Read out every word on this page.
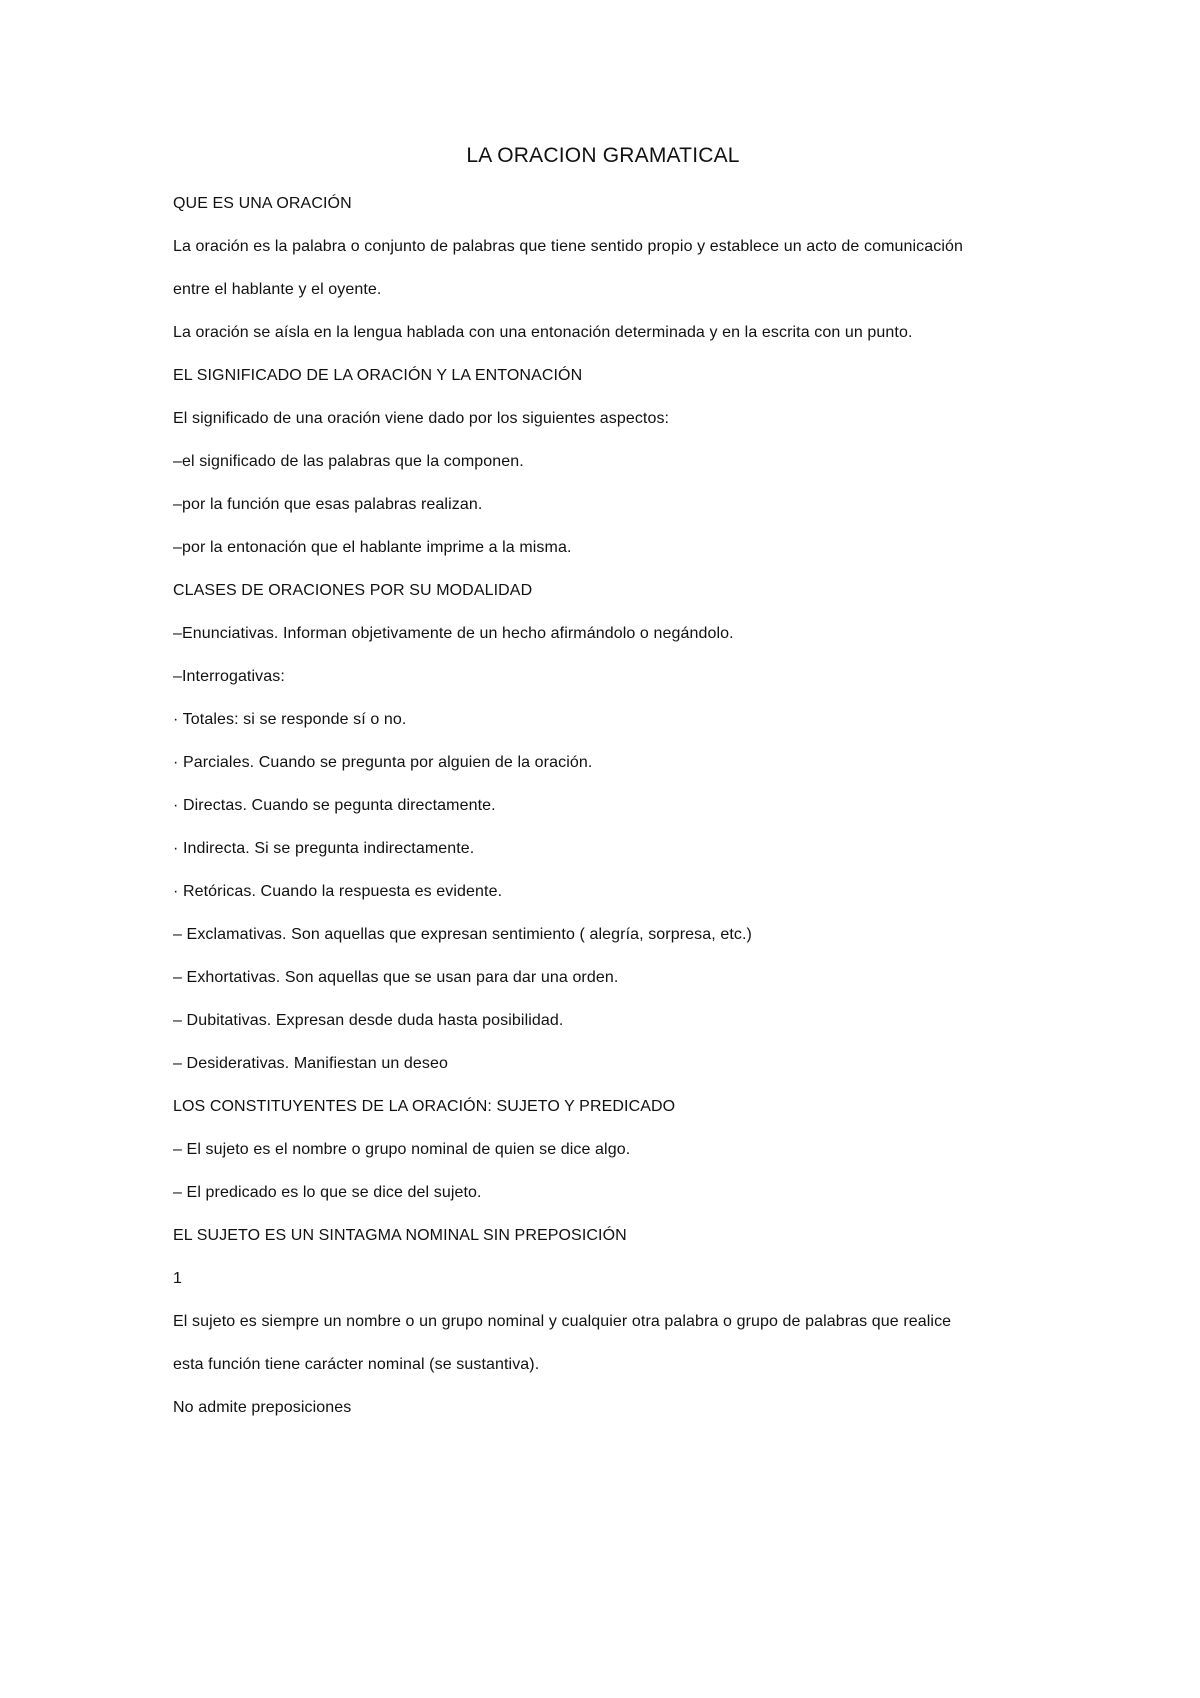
LA ORACION GRAMATICAL
QUE ES UNA ORACIÓN
La oración es la palabra o conjunto de palabras que tiene sentido propio y establece un acto de comunicación
entre el hablante y el oyente.
La oración se aísla en la lengua hablada con una entonación determinada y en la escrita con un punto.
EL SIGNIFICADO DE LA ORACIÓN Y LA ENTONACIÓN
El significado de una oración viene dado por los siguientes aspectos:
–el significado de las palabras que la componen.
–por la función que esas palabras realizan.
–por la entonación que el hablante imprime a la misma.
CLASES DE ORACIONES POR SU MODALIDAD
–Enunciativas. Informan objetivamente de un hecho afirmándolo o negándolo.
–Interrogativas:
· Totales: si se responde sí o no.
· Parciales. Cuando se pregunta por alguien de la oración.
· Directas. Cuando se pegunta directamente.
· Indirecta. Si se pregunta indirectamente.
· Retóricas. Cuando la respuesta es evidente.
– Exclamativas. Son aquellas que expresan sentimiento ( alegría, sorpresa, etc.)
– Exhortativas. Son aquellas que se usan para dar una orden.
– Dubitativas. Expresan desde duda hasta posibilidad.
– Desiderativas. Manifiestan un deseo
LOS CONSTITUYENTES DE LA ORACIÓN: SUJETO Y PREDICADO
– El sujeto es el nombre o grupo nominal de quien se dice algo.
– El predicado es lo que se dice del sujeto.
EL SUJETO ES UN SINTAGMA NOMINAL SIN PREPOSICIÓN
1
El sujeto es siempre un nombre o un grupo nominal y cualquier otra palabra o grupo de palabras que realice
esta función tiene carácter nominal (se sustantiva).
No admite preposiciones
